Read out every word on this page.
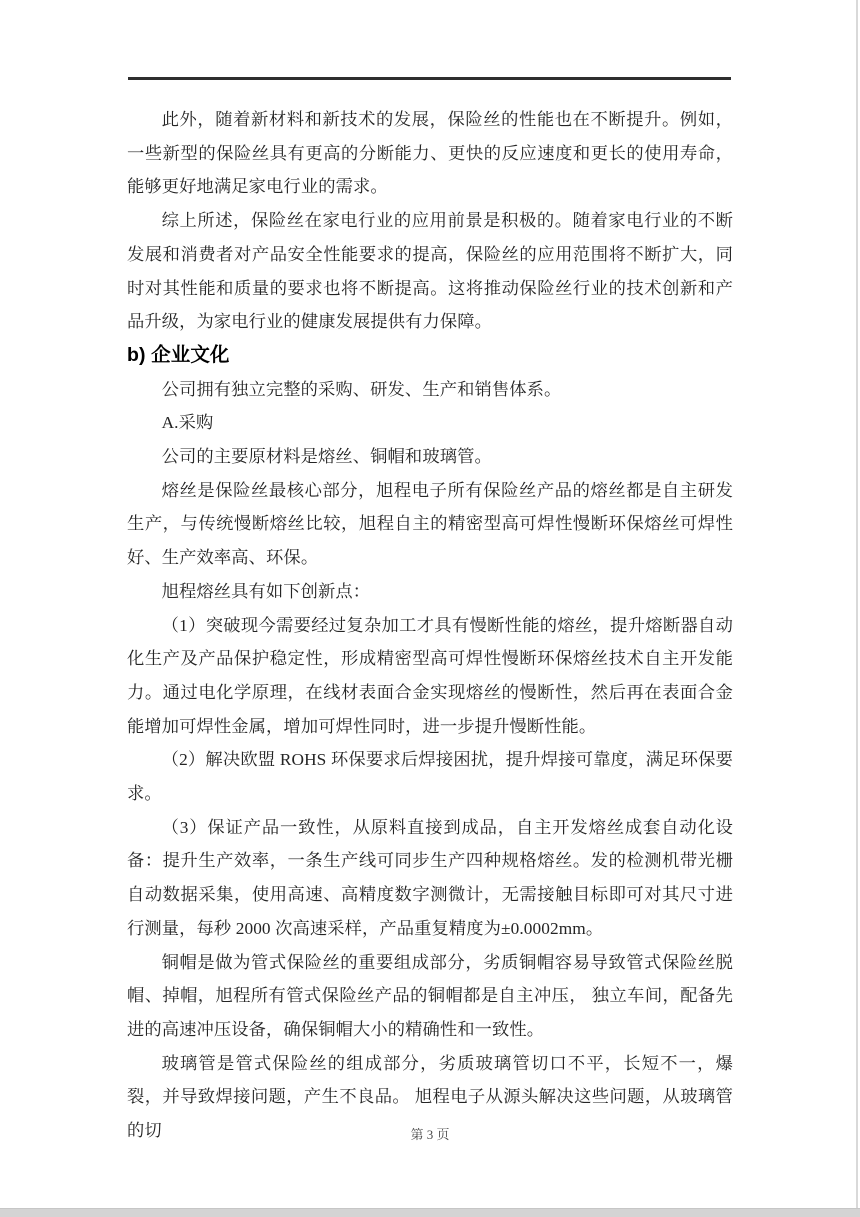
此外，随着新材料和新技术的发展，保险丝的性能也在不断提升。例如，一些新型的保险丝具有更高的分断能力、更快的反应速度和更长的使用寿命，能够更好地满足家电行业的需求。

综上所述，保险丝在家电行业的应用前景是积极的。随着家电行业的不断发展和消费者对产品安全性能要求的提高，保险丝的应用范围将不断扩大，同时对其性能和质量的要求也将不断提高。这将推动保险丝行业的技术创新和产品升级，为家电行业的健康发展提供有力保障。

b) 企业文化

公司拥有独立完整的采购、研发、生产和销售体系。

A.采购

公司的主要原材料是熔丝、铜帽和玻璃管。

熔丝是保险丝最核心部分，旭程电子所有保险丝产品的熔丝都是自主研发生产，与传统慢断熔丝比较，旭程自主的精密型高可焊性慢断环保熔丝可焊性好、生产效率高、环保。

旭程熔丝具有如下创新点：

（1）突破现今需要经过复杂加工才具有慢断性能的熔丝，提升熔断器自动化生产及产品保护稳定性，形成精密型高可焊性慢断环保熔丝技术自主开发能力。通过电化学原理，在线材表面合金实现熔丝的慢断性，然后再在表面合金能增加可焊性金属，增加可焊性同时，进一步提升慢断性能。

（2）解决欧盟 ROHS 环保要求后焊接困扰，提升焊接可靠度，满足环保要求。

（3）保证产品一致性，从原料直接到成品，自主开发熔丝成套自动化设备：提升生产效率，一条生产线可同步生产四种规格熔丝。发的检测机带光栅自动数据采集，使用高速、高精度数字测微计，无需接触目标即可对其尺寸进行测量，每秒 2000 次高速采样，产品重复精度为±0.0002mm。

铜帽是做为管式保险丝的重要组成部分，劣质铜帽容易导致管式保险丝脱帽、掉帽，旭程所有管式保险丝产品的铜帽都是自主冲压， 独立车间，配备先进的高速冲压设备，确保铜帽大小的精确性和一致性。

玻璃管是管式保险丝的组成部分，劣质玻璃管切口不平，长短不一，爆裂，并导致焊接问题，产生不良品。 旭程电子从源头解决这些问题，从玻璃管的切	第 3 页
